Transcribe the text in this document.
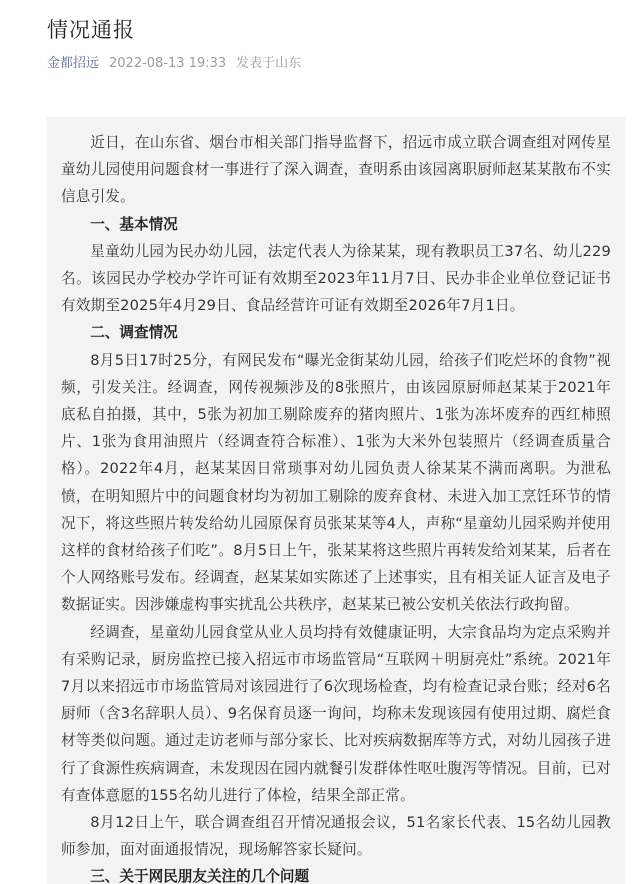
情况通报
金都招远 2022-08-13 19:33 发表于山东

近日，在山东省、烟台市相关部门指导监督下，招远市成立联合调查组对网传星童幼儿园使用问题食材一事进行了深入调查，查明系由该园离职厨师赵某某散布不实信息引发。

一、基本情况

星童幼儿园为民办幼儿园，法定代表人为徐某某，现有教职员工37名、幼儿229名。该园民办学校办学许可证有效期至2023年11月7日、民办非企业单位登记证书有效期至2025年4月29日、食品经营许可证有效期至2026年7月1日。

二、调查情况

8月5日17时25分，有网民发布“曝光金街某幼儿园，给孩子们吃烂坏的食物”视频，引发关注。经调查，网传视频涉及的8张照片，由该园原厨师赵某某于2021年底私自拍摄，其中，5张为初加工剔除废弃的猪肉照片、1张为冻坏废弃的西红柿照片、1张为食用油照片（经调查符合标准）、1张为大米外包装照片（经调查质量合格）。2022年4月，赵某某因日常琐事对幼儿园负责人徐某某不满而离职。为泄私愤，在明知照片中的问题食材均为初加工剔除的废弃食材、未进入加工烹饪环节的情况下，将这些照片转发给幼儿园原保育员张某某等4人，声称“星童幼儿园采购并使用这样的食材给孩子们吃”。8月5日上午，张某某将这些照片再转发给刘某某，后者在个人网络账号发布。经调查，赵某某如实陈述了上述事实，且有相关证人证言及电子数据证实。因涉嫌虚构事实扰乱公共秩序，赵某某已被公安机关依法行政拘留。

经调查，星童幼儿园食堂从业人员均持有效健康证明，大宗食品均为定点采购并有采购记录，厨房监控已接入招远市市场监管局“互联网＋明厨亮灶”系统。2021年7月以来招远市市场监管局对该园进行了6次现场检查，均有检查记录台账；经对6名厨师（含3名辞职人员）、9名保育员逐一询问，均称未发现该园有使用过期、腐烂食材等类似问题。通过走访老师与部分家长、比对疾病数据库等方式，对幼儿园孩子进行了食源性疾病调查，未发现因在园内就餐引发群体性呕吐腹泻等情况。目前，已对有查体意愿的155名幼儿进行了体检，结果全部正常。

8月12日上午，联合调查组召开情况通报会议，51名家长代表、15名幼儿园教师参加，面对面通报情况，现场解答家长疑问。

三、关于网民朋友关注的几个问题
